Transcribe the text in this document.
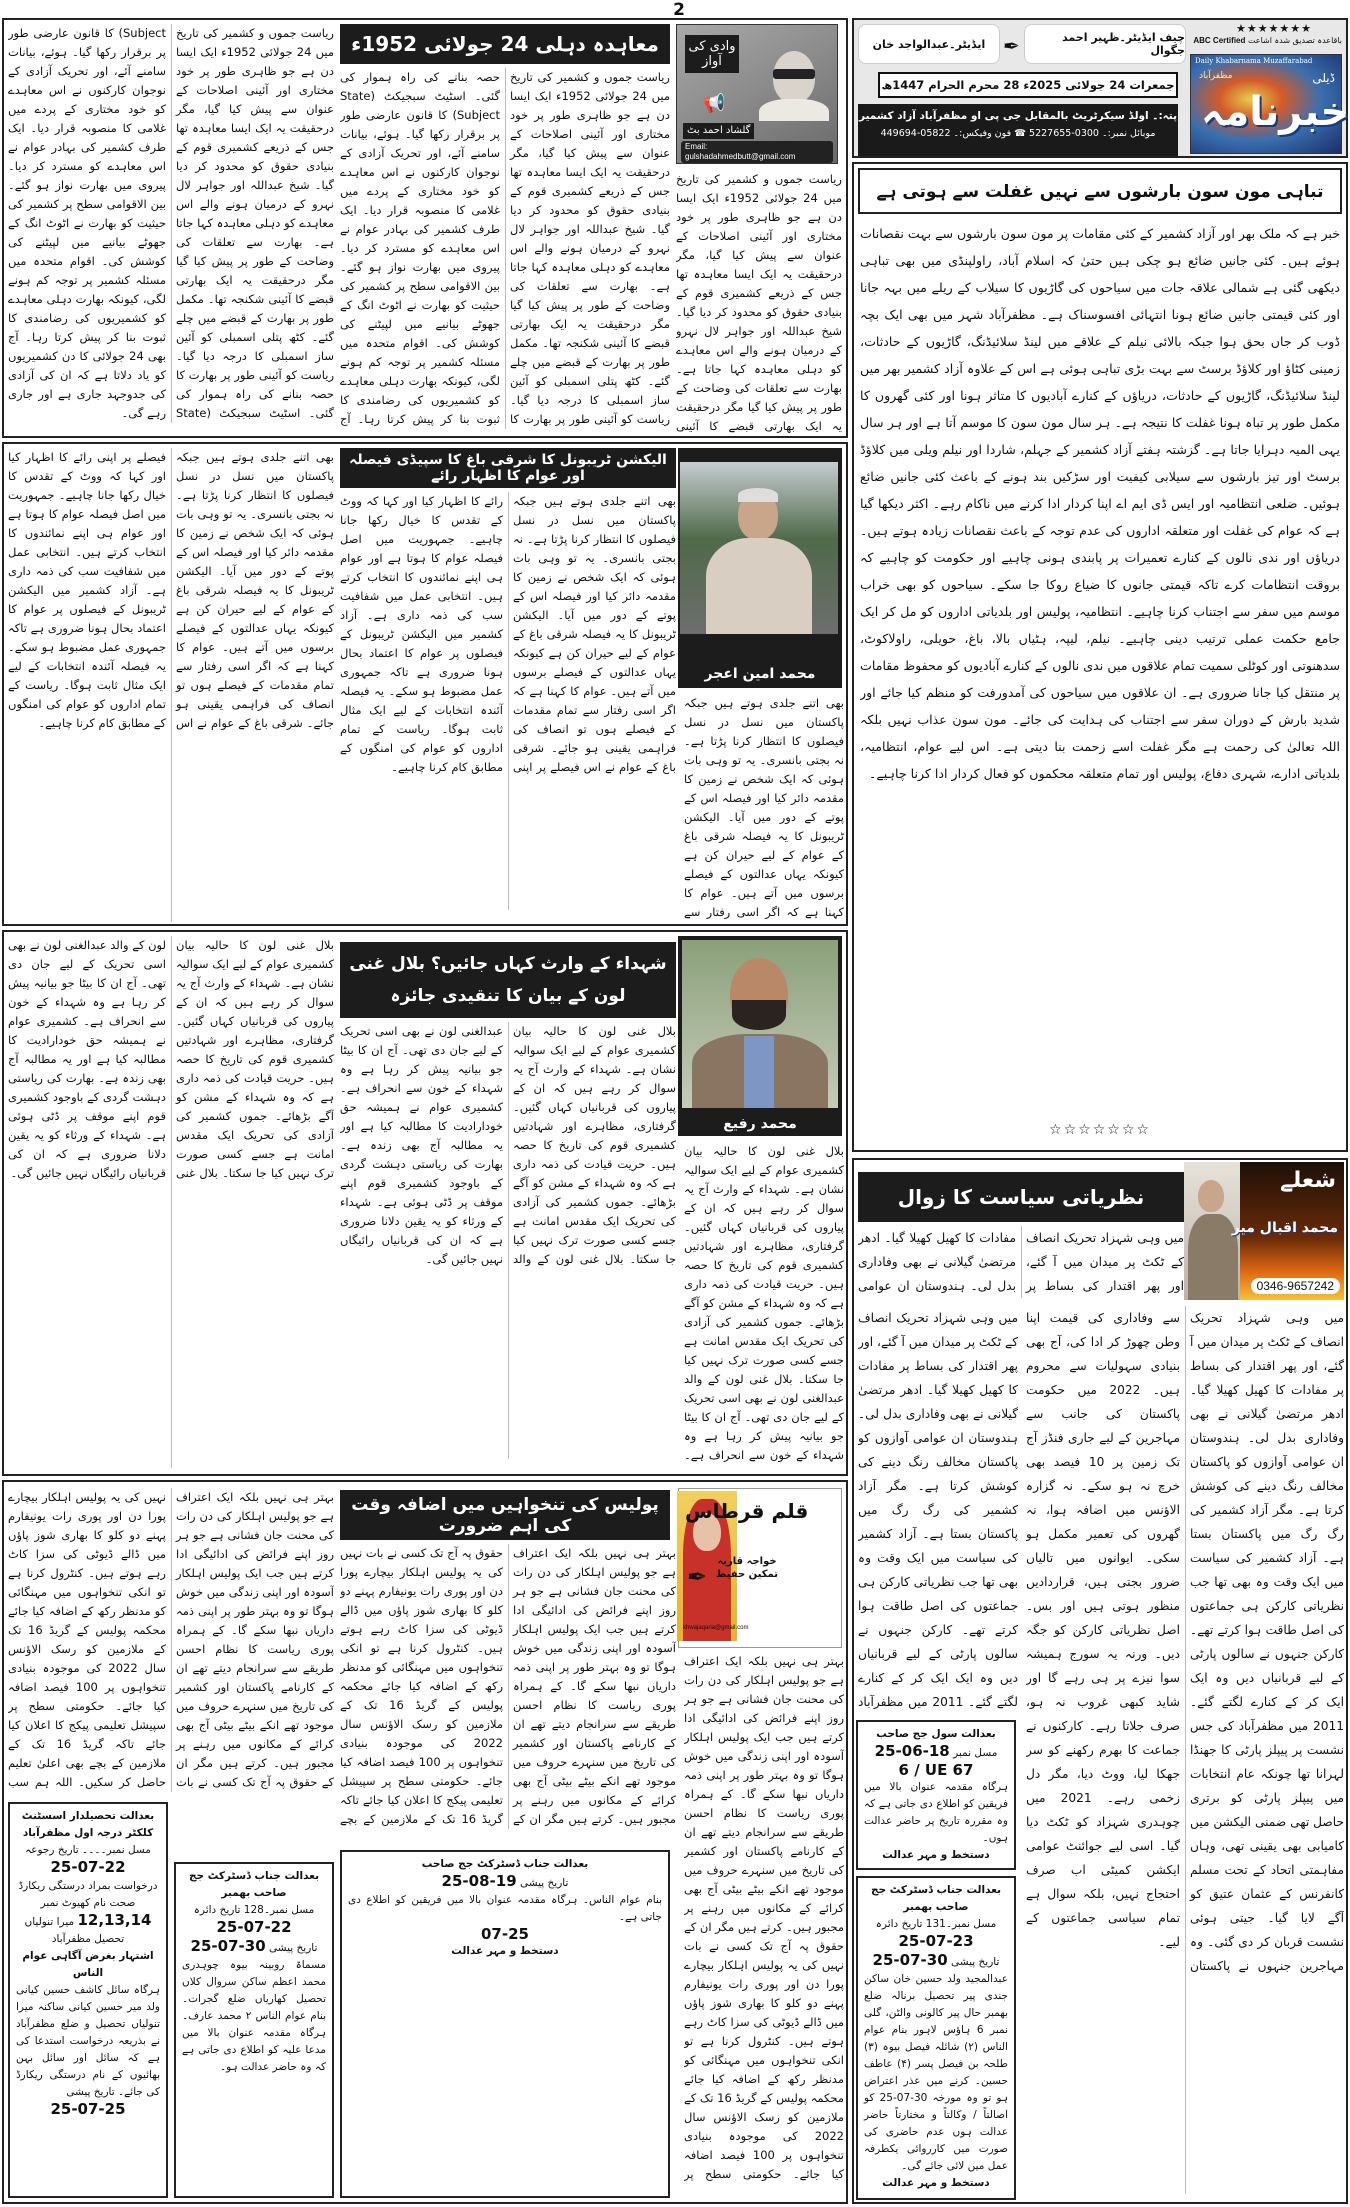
2
Daily Khabarnama Muzaffarabad
ڈیلی
مظفرآباد
خبرنامہ
★★★★★★★
باقاعدہ تصدیق شدہ اشاعت ABC Certified
چیف ایڈیٹر۔ظہیر احمد جگوال
✒
ایڈیٹر۔عبدالواجد خان
جمعرات 24 جولائی 2025ء 28 محرم الحرام 1447ھ
پتہ:۔ اولڈ سیکرٹریٹ بالمقابل جی پی او مظفرآباد آزاد کشمیر
موبائل نمبر:۔ 0300-5227655 ☎ فون وفیکس:۔ 05822-449694
تباہی مون سون بارشوں سے نہیں غفلت سے ہوتی ہے
خبر ہے کہ ملک بھر اور آزاد کشمیر کے کئی مقامات پر مون سون بارشوں سے بہت نقصانات ہوئے ہیں۔ کئی جانیں ضائع ہو چکی ہیں حتیٰ کہ اسلام آباد، راولپنڈی میں بھی تباہی دیکھی گئی ہے شمالی علاقہ جات میں سیاحوں کی گاڑیوں کا سیلاب کے ریلے میں بہہ جانا اور کئی قیمتی جانیں ضائع ہونا انتہائی افسوسناک ہے۔ مظفرآباد شہر میں بھی ایک بچہ ڈوب کر جاں بحق ہوا جبکہ بالائی نیلم کے علاقے میں لینڈ سلائیڈنگ، گاڑیوں کے حادثات، زمینی کٹاؤ اور کلاؤڈ برسٹ سے بہت بڑی تباہی ہوئی ہے اس کے علاوہ آزاد کشمیر بھر میں لینڈ سلائیڈنگ، گاڑیوں کے حادثات، دریاؤں کے کنارے آبادیوں کا متاثر ہونا اور کئی گھروں کا مکمل طور پر تباہ ہونا غفلت کا نتیجہ ہے۔ ہر سال مون سون کا موسم آتا ہے اور ہر سال یہی المیہ دہرایا جاتا ہے۔ گزشتہ ہفتے آزاد کشمیر کے جہلم، شاردا اور نیلم ویلی میں کلاؤڈ برسٹ اور تیز بارشوں سے سیلابی کیفیت اور سڑکیں بند ہونے کے باعث کئی جانیں ضائع ہوئیں۔ ضلعی انتظامیہ اور ایس ڈی ایم اے اپنا کردار ادا کرنے میں ناکام رہے۔ اکثر دیکھا گیا ہے کہ عوام کی غفلت اور متعلقہ اداروں کی عدم توجہ کے باعث نقصانات زیادہ ہوتے ہیں۔ دریاؤں اور ندی نالوں کے کنارے تعمیرات پر پابندی ہونی چاہیے اور حکومت کو چاہیے کہ بروقت انتظامات کرے تاکہ قیمتی جانوں کا ضیاع روکا جا سکے۔ سیاحوں کو بھی خراب موسم میں سفر سے اجتناب کرنا چاہیے۔ انتظامیہ، پولیس اور بلدیاتی اداروں کو مل کر ایک جامع حکمت عملی ترتیب دینی چاہیے۔ نیلم، لیپہ، ہٹیاں بالا، باغ، حویلی، راولاکوٹ، سدھنوتی اور کوٹلی سمیت تمام علاقوں میں ندی نالوں کے کنارے آبادیوں کو محفوظ مقامات پر منتقل کیا جانا ضروری ہے۔ ان علاقوں میں سیاحوں کی آمدورفت کو منظم کیا جائے اور شدید بارش کے دوران سفر سے اجتناب کی ہدایت کی جائے۔ مون سون عذاب نہیں بلکہ اللہ تعالیٰ کی رحمت ہے مگر غفلت اسے زحمت بنا دیتی ہے۔ اس لیے عوام، انتظامیہ، بلدیاتی ادارے، شہری دفاع، پولیس اور تمام متعلقہ محکموں کو فعال کردار ادا کرنا چاہیے۔
☆☆☆☆☆☆☆
شعلے
محمد اقبال میر
0346-9657242
نظریاتی سیاست کا زوال
میں وہی شہزاد تحریک انصاف کے ٹکٹ پر میدان میں آ گئے، اور پھر اقتدار کی بساط پر مفادات کا کھیل کھیلا گیا۔ ادھر مرتضیٰ گیلانی نے بھی وفاداری بدل لی۔ ہندوستان ان عوامی
میں وہی شہزاد تحریک انصاف کے ٹکٹ پر میدان میں آ گئے، اور پھر اقتدار کی بساط پر مفادات کا کھیل کھیلا گیا۔ ادھر مرتضیٰ گیلانی نے بھی وفاداری بدل لی۔ ہندوستان ان عوامی آوازوں کو پاکستان مخالف رنگ دینے کی کوشش کرتا ہے۔ مگر آزاد کشمیر کی رگ رگ میں پاکستان بستا ہے۔ آزاد کشمیر کی سیاست میں ایک وقت وہ بھی تھا جب نظریاتی کارکن ہی جماعتوں کی اصل طاقت ہوا کرتے تھے۔ کارکن جنہوں نے سالوں پارٹی کے لیے قربانیاں دیں وہ ایک ایک کر کے کنارے لگتے گئے۔ 2011 میں مظفرآباد کی جس نشست پر پیپلز پارٹی کا جھنڈا لہرانا تھا چونکہ عام انتخابات میں پیپلز پارٹی کو برتری حاصل تھی ضمنی الیکشن میں کامیابی بھی یقینی تھی، وہاں مفاہمتی اتحاد کے تحت مسلم کانفرنس کے عثمان عتیق کو آگے لایا گیا۔ جیتی ہوئی نشست قربان کر دی گئی۔ وہ مہاجرین جنہوں نے پاکستان سے وفاداری کی قیمت اپنا وطن چھوڑ کر ادا کی، آج بھی بنیادی سہولیات سے محروم ہیں۔ 2022 میں حکومت پاکستان کی جانب سے مہاجرین کے لیے جاری فنڈز آج تک زمین پر 10 فیصد بھی خرچ نہ ہو سکے۔ نہ گزارہ الاؤنس میں اضافہ ہوا، نہ گھروں کی تعمیر مکمل ہو سکی۔ ایوانوں میں تالیاں ضرور بجتی ہیں، قراردادیں منظور ہوتی ہیں اور بس۔ اصل نظریاتی کارکن کو جگہ دیں۔ ورنہ یہ سورج ہمیشہ سوا نیزے پر ہی رہے گا اور شاید کبھی غروب نہ ہو، صرف جلاتا رہے۔ کارکنوں نے جماعت کا بھرم رکھنے کو سر جھکا لیا، ووٹ دیا، مگر دل زخمی رہے۔ 2021 میں چوہدری شہزاد کو ٹکٹ دیا گیا۔ اسی لیے جوائنٹ عوامی ایکشن کمیٹی اب صرف احتجاج نہیں، بلکہ سوال ہے تمام سیاسی جماعتوں کے لیے۔
میں وہی شہزاد تحریک انصاف کے ٹکٹ پر میدان میں آ گئے، اور پھر اقتدار کی بساط پر مفادات کا کھیل کھیلا گیا۔ ادھر مرتضیٰ گیلانی نے بھی وفاداری بدل لی۔ ہندوستان ان عوامی آوازوں کو پاکستان مخالف رنگ دینے کی کوشش کرتا ہے۔ مگر آزاد کشمیر کی رگ رگ میں پاکستان بستا ہے۔ آزاد کشمیر کی سیاست میں ایک وقت وہ بھی تھا جب نظریاتی کارکن ہی جماعتوں کی اصل طاقت ہوا کرتے تھے۔ کارکن جنہوں نے سالوں پارٹی کے لیے قربانیاں دیں وہ ایک ایک کر کے کنارے لگتے گئے۔ 2011 میں مظفرآباد
وادی کی آواز
📢
گلشاد احمد بٹ
Email:
gulshadahmedbutt@gmail.com
معاہدہ دہلی 24 جولائی 1952ء
ریاست جموں و کشمیر کی تاریخ میں 24 جولائی 1952ء ایک ایسا دن ہے جو ظاہری طور پر خود مختاری اور آئینی اصلاحات کے عنوان سے پیش کیا گیا، مگر درحقیقت یہ ایک ایسا معاہدہ تھا جس کے ذریعے کشمیری قوم کے بنیادی حقوق کو محدود کر دیا گیا۔ شیخ عبداللہ اور جواہر لال نہرو کے درمیان ہونے والے اس معاہدے کو دہلی معاہدہ کہا جاتا ہے۔ بھارت سے تعلقات کی وضاحت کے طور پر پیش کیا گیا مگر درحقیقت یہ ایک بھارتی قبضے کا آئینی شکنجہ تھا۔ مکمل طور پر بھارت کے قبضے میں چلے گئے۔ کٹھ پتلی اسمبلی کو آئین ساز اسمبلی کا درجہ دیا گیا۔ ریاست کو آئینی طور پر بھارت کا حصہ بنانے کی راہ ہموار کی گئی۔ اسٹیٹ سبجیکٹ (State Subject) کا قانون عارضی طور پر برقرار رکھا گیا۔ ہوئے، بیانات سامنے آئے، اور تحریک آزادی کے نوجوان کارکنوں نے اس معاہدے کو خود مختاری کے پردے میں غلامی کا منصوبہ قرار دیا۔ ایک طرف کشمیر کی بہادر عوام نے اس معاہدے کو مسترد کر دیا۔ پیروی میں بھارت نواز ہو گئے۔ بین الاقوامی سطح پر کشمیر کی حیثیت کو بھارت نے اٹوٹ انگ کے جھوٹے بیانیے میں لپیٹنے کی کوشش کی۔ اقوام متحدہ میں مسئلہ کشمیر پر توجہ کم ہونے لگی، کیونکہ بھارت دہلی معاہدے کو کشمیریوں کی رضامندی کا ثبوت بنا کر پیش کرتا رہا۔ آج
ریاست جموں و کشمیر کی تاریخ میں 24 جولائی 1952ء ایک ایسا دن ہے جو ظاہری طور پر خود مختاری اور آئینی اصلاحات کے عنوان سے پیش کیا گیا، مگر درحقیقت یہ ایک ایسا معاہدہ تھا جس کے ذریعے کشمیری قوم کے بنیادی حقوق کو محدود کر دیا گیا۔ شیخ عبداللہ اور جواہر لال نہرو کے درمیان ہونے والے اس معاہدے کو دہلی معاہدہ کہا جاتا ہے۔ بھارت سے تعلقات کی وضاحت کے طور پر پیش کیا گیا مگر درحقیقت یہ ایک بھارتی قبضے کا آئینی
ریاست جموں و کشمیر کی تاریخ میں 24 جولائی 1952ء ایک ایسا دن ہے جو ظاہری طور پر خود مختاری اور آئینی اصلاحات کے عنوان سے پیش کیا گیا، مگر درحقیقت یہ ایک ایسا معاہدہ تھا جس کے ذریعے کشمیری قوم کے بنیادی حقوق کو محدود کر دیا گیا۔ شیخ عبداللہ اور جواہر لال نہرو کے درمیان ہونے والے اس معاہدے کو دہلی معاہدہ کہا جاتا ہے۔ بھارت سے تعلقات کی وضاحت کے طور پر پیش کیا گیا مگر درحقیقت یہ ایک بھارتی قبضے کا آئینی شکنجہ تھا۔ مکمل طور پر بھارت کے قبضے میں چلے گئے۔ کٹھ پتلی اسمبلی کو آئین ساز اسمبلی کا درجہ دیا گیا۔ ریاست کو آئینی طور پر بھارت کا حصہ بنانے کی راہ ہموار کی گئی۔ اسٹیٹ سبجیکٹ (State Subject) کا قانون عارضی طور پر برقرار رکھا گیا۔ ہوئے، بیانات سامنے آئے، اور تحریک آزادی کے نوجوان کارکنوں نے اس معاہدے کو خود مختاری کے پردے میں غلامی کا منصوبہ قرار دیا۔ ایک طرف کشمیر کی بہادر عوام نے اس معاہدے کو مسترد کر دیا۔ پیروی میں بھارت نواز ہو گئے۔ بین الاقوامی سطح پر کشمیر کی حیثیت کو بھارت نے اٹوٹ انگ کے جھوٹے بیانیے میں لپیٹنے کی کوشش کی۔ اقوام متحدہ میں مسئلہ کشمیر پر توجہ کم ہونے لگی، کیونکہ بھارت دہلی معاہدے کو کشمیریوں کی رضامندی کا ثبوت بنا کر پیش کرتا رہا۔ آج بھی 24 جولائی کا دن کشمیریوں کو یاد دلاتا ہے کہ ان کی آزادی کی جدوجہد جاری ہے اور جاری رہے گی۔
محمد امین اعجر
الیکشن ٹریبونل کا شرقی باغ کا سپیڈی فیصلہ اور عوام کا اظہار رائے
بھی اتنے جلدی ہوتے ہیں جبکہ پاکستان میں نسل در نسل فیصلوں کا انتظار کرنا پڑتا ہے۔ نہ بجتی بانسری۔ یہ تو وہی بات ہوئی کہ ایک شخص نے زمین کا مقدمہ دائر کیا اور فیصلہ اس کے پوتے کے دور میں آیا۔ الیکشن ٹریبونل کا یہ فیصلہ شرقی باغ کے عوام کے لیے حیران کن ہے کیونکہ یہاں عدالتوں کے فیصلے برسوں میں آتے ہیں۔ عوام کا کہنا ہے کہ اگر اسی رفتار سے تمام مقدمات کے فیصلے ہوں تو انصاف کی فراہمی یقینی ہو جائے۔ شرقی باغ کے عوام نے اس فیصلے پر اپنی رائے کا اظہار کیا اور کہا کہ ووٹ کے تقدس کا خیال رکھا جانا چاہیے۔ جمہوریت میں اصل فیصلہ عوام کا ہوتا ہے اور عوام ہی اپنے نمائندوں کا انتخاب کرتے ہیں۔ انتخابی عمل میں شفافیت سب کی ذمہ داری ہے۔ آزاد کشمیر میں الیکشن ٹریبونل کے فیصلوں پر عوام کا اعتماد بحال ہونا ضروری ہے تاکہ جمہوری عمل مضبوط ہو سکے۔ یہ فیصلہ آئندہ انتخابات کے لیے ایک مثال ثابت ہوگا۔ ریاست کے تمام اداروں کو عوام کی امنگوں کے مطابق کام کرنا چاہیے۔
بھی اتنے جلدی ہوتے ہیں جبکہ پاکستان میں نسل در نسل فیصلوں کا انتظار کرنا پڑتا ہے۔ نہ بجتی بانسری۔ یہ تو وہی بات ہوئی کہ ایک شخص نے زمین کا مقدمہ دائر کیا اور فیصلہ اس کے پوتے کے دور میں آیا۔ الیکشن ٹریبونل کا یہ فیصلہ شرقی باغ کے عوام کے لیے حیران کن ہے کیونکہ یہاں عدالتوں کے فیصلے برسوں میں آتے ہیں۔ عوام کا کہنا ہے کہ اگر اسی رفتار سے
بھی اتنے جلدی ہوتے ہیں جبکہ پاکستان میں نسل در نسل فیصلوں کا انتظار کرنا پڑتا ہے۔ نہ بجتی بانسری۔ یہ تو وہی بات ہوئی کہ ایک شخص نے زمین کا مقدمہ دائر کیا اور فیصلہ اس کے پوتے کے دور میں آیا۔ الیکشن ٹریبونل کا یہ فیصلہ شرقی باغ کے عوام کے لیے حیران کن ہے کیونکہ یہاں عدالتوں کے فیصلے برسوں میں آتے ہیں۔ عوام کا کہنا ہے کہ اگر اسی رفتار سے تمام مقدمات کے فیصلے ہوں تو انصاف کی فراہمی یقینی ہو جائے۔ شرقی باغ کے عوام نے اس فیصلے پر اپنی رائے کا اظہار کیا اور کہا کہ ووٹ کے تقدس کا خیال رکھا جانا چاہیے۔ جمہوریت میں اصل فیصلہ عوام کا ہوتا ہے اور عوام ہی اپنے نمائندوں کا انتخاب کرتے ہیں۔ انتخابی عمل میں شفافیت سب کی ذمہ داری ہے۔ آزاد کشمیر میں الیکشن ٹریبونل کے فیصلوں پر عوام کا اعتماد بحال ہونا ضروری ہے تاکہ جمہوری عمل مضبوط ہو سکے۔ یہ فیصلہ آئندہ انتخابات کے لیے ایک مثال ثابت ہوگا۔ ریاست کے تمام اداروں کو عوام کی امنگوں کے مطابق کام کرنا چاہیے۔
محمد رفیع
شہداء کے وارث کہاں جائیں؟ بلال غنی لون کے بیان کا تنقیدی جائزہ
بلال غنی لون کا حالیہ بیان کشمیری عوام کے لیے ایک سوالیہ نشان ہے۔ شہداء کے وارث آج یہ سوال کر رہے ہیں کہ ان کے پیاروں کی قربانیاں کہاں گئیں۔ گرفتاری، مظاہرے اور شہادتیں کشمیری قوم کی تاریخ کا حصہ ہیں۔ حریت قیادت کی ذمہ داری ہے کہ وہ شہداء کے مشن کو آگے بڑھائے۔ جموں کشمیر کی آزادی کی تحریک ایک مقدس امانت ہے جسے کسی صورت ترک نہیں کیا جا سکتا۔ بلال غنی لون کے والد عبدالغنی لون نے بھی اسی تحریک کے لیے جان دی تھی۔ آج ان کا بیٹا جو بیانیہ پیش کر رہا ہے وہ شہداء کے خون سے انحراف ہے۔ کشمیری عوام نے ہمیشہ حق خودارادیت کا مطالبہ کیا ہے اور یہ مطالبہ آج بھی زندہ ہے۔ بھارت کی ریاستی دہشت گردی کے باوجود کشمیری قوم اپنے موقف پر ڈٹی ہوئی ہے۔ شہداء کے ورثاء کو یہ یقین دلانا ضروری ہے کہ ان کی قربانیاں رائیگاں نہیں جائیں گی۔
بلال غنی لون کا حالیہ بیان کشمیری عوام کے لیے ایک سوالیہ نشان ہے۔ شہداء کے وارث آج یہ سوال کر رہے ہیں کہ ان کے پیاروں کی قربانیاں کہاں گئیں۔ گرفتاری، مظاہرے اور شہادتیں کشمیری قوم کی تاریخ کا حصہ ہیں۔ حریت قیادت کی ذمہ داری ہے کہ وہ شہداء کے مشن کو آگے بڑھائے۔ جموں کشمیر کی آزادی کی تحریک ایک مقدس امانت ہے جسے کسی صورت ترک نہیں کیا جا سکتا۔ بلال غنی لون کے والد عبدالغنی لون نے بھی اسی تحریک کے لیے جان دی تھی۔ آج ان کا بیٹا جو بیانیہ پیش کر رہا ہے وہ شہداء کے خون سے انحراف ہے۔
بلال غنی لون کا حالیہ بیان کشمیری عوام کے لیے ایک سوالیہ نشان ہے۔ شہداء کے وارث آج یہ سوال کر رہے ہیں کہ ان کے پیاروں کی قربانیاں کہاں گئیں۔ گرفتاری، مظاہرے اور شہادتیں کشمیری قوم کی تاریخ کا حصہ ہیں۔ حریت قیادت کی ذمہ داری ہے کہ وہ شہداء کے مشن کو آگے بڑھائے۔ جموں کشمیر کی آزادی کی تحریک ایک مقدس امانت ہے جسے کسی صورت ترک نہیں کیا جا سکتا۔ بلال غنی لون کے والد عبدالغنی لون نے بھی اسی تحریک کے لیے جان دی تھی۔ آج ان کا بیٹا جو بیانیہ پیش کر رہا ہے وہ شہداء کے خون سے انحراف ہے۔ کشمیری عوام نے ہمیشہ حق خودارادیت کا مطالبہ کیا ہے اور یہ مطالبہ آج بھی زندہ ہے۔ بھارت کی ریاستی دہشت گردی کے باوجود کشمیری قوم اپنے موقف پر ڈٹی ہوئی ہے۔ شہداء کے ورثاء کو یہ یقین دلانا ضروری ہے کہ ان کی قربانیاں رائیگاں نہیں جائیں گی۔
قلم قرطاس
✒
خواجہ قاریہ تمکین حفیظ
khwajaqaria@gmail.com
پولیس کی تنخواہیں میں اضافہ وقت کی اہم ضرورت
بہتر ہی نہیں بلکہ ایک اعتراف ہے جو پولیس اہلکار کی دن رات کی محنت جان فشانی ہے جو ہر روز اپنے فرائض کی ادائیگی ادا کرتے ہیں جب ایک پولیس اہلکار آسودہ اور اپنی زندگی میں خوش ہوگا تو وہ بہتر طور پر اپنی ذمہ داریاں نبھا سکے گا۔ کے ہمراہ پوری ریاست کا نظام احسن طریقے سے سرانجام دیتے تھے ان کے کارنامے پاکستان اور کشمیر کی تاریخ میں سنہرے حروف میں موجود تھے انکے بیٹے بیٹی آج بھی کرائے کے مکانوں میں رہنے پر مجبور ہیں۔ کرتے ہیں مگر ان کے حقوق پہ آج تک کسی نے بات نہیں کی یہ پولیس اہلکار بیچارے پورا دن اور پوری رات یونیفارم پہنے دو کلو کا بھاری شوز پاؤں میں ڈالے ڈیوٹی کی سزا کاٹ رہے ہوتے ہیں۔ کنٹرول کرنا ہے تو انکی تنخواہوں میں مہنگائی کو مدنظر رکھ کے اضافہ کیا جائے محکمہ پولیس کے گریڈ 16 تک کے ملازمین کو رسک الاؤنس سال 2022 کی موجودہ بنیادی تنخواہوں پر 100 فیصد اضافہ کیا جائے۔ حکومتی سطح پر سپیشل تعلیمی پیکج کا اعلان کیا جائے تاکہ گریڈ 16 تک کے ملازمین کے بچے
بہتر ہی نہیں بلکہ ایک اعتراف ہے جو پولیس اہلکار کی دن رات کی محنت جان فشانی ہے جو ہر روز اپنے فرائض کی ادائیگی ادا کرتے ہیں جب ایک پولیس اہلکار آسودہ اور اپنی زندگی میں خوش ہوگا تو وہ بہتر طور پر اپنی ذمہ داریاں نبھا سکے گا۔ کے ہمراہ پوری ریاست کا نظام احسن طریقے سے سرانجام دیتے تھے ان کے کارنامے پاکستان اور کشمیر کی تاریخ میں سنہرے حروف میں موجود تھے انکے بیٹے بیٹی آج بھی کرائے کے مکانوں میں رہنے پر مجبور ہیں۔ کرتے ہیں مگر ان کے حقوق پہ آج تک کسی نے بات نہیں کی یہ پولیس اہلکار بیچارے پورا دن اور پوری رات یونیفارم پہنے دو کلو کا بھاری شوز پاؤں میں ڈالے ڈیوٹی کی سزا کاٹ رہے ہوتے ہیں۔ کنٹرول کرنا ہے تو انکی تنخواہوں میں مہنگائی کو مدنظر رکھ کے اضافہ کیا جائے محکمہ پولیس کے گریڈ 16 تک کے ملازمین کو رسک الاؤنس سال 2022 کی موجودہ بنیادی تنخواہوں پر 100 فیصد اضافہ کیا جائے۔ حکومتی سطح پر
بہتر ہی نہیں بلکہ ایک اعتراف ہے جو پولیس اہلکار کی دن رات کی محنت جان فشانی ہے جو ہر روز اپنے فرائض کی ادائیگی ادا کرتے ہیں جب ایک پولیس اہلکار آسودہ اور اپنی زندگی میں خوش ہوگا تو وہ بہتر طور پر اپنی ذمہ داریاں نبھا سکے گا۔ کے ہمراہ پوری ریاست کا نظام احسن طریقے سے سرانجام دیتے تھے ان کے کارنامے پاکستان اور کشمیر کی تاریخ میں سنہرے حروف میں موجود تھے انکے بیٹے بیٹی آج بھی کرائے کے مکانوں میں رہنے پر مجبور ہیں۔ کرتے ہیں مگر ان کے حقوق پہ آج تک کسی نے بات نہیں کی یہ پولیس اہلکار بیچارے پورا دن اور پوری رات یونیفارم پہنے دو کلو کا بھاری شوز پاؤں میں ڈالے ڈیوٹی کی سزا کاٹ رہے ہوتے ہیں۔ کنٹرول کرنا ہے تو انکی تنخواہوں میں مہنگائی کو مدنظر رکھ کے اضافہ کیا جائے محکمہ پولیس کے گریڈ 16 تک کے ملازمین کو رسک الاؤنس سال 2022 کی موجودہ بنیادی تنخواہوں پر 100 فیصد اضافہ کیا جائے۔ حکومتی سطح پر سپیشل تعلیمی پیکج کا اعلان کیا جائے تاکہ گریڈ 16 تک کے ملازمین کے بچے بھی اعلیٰ تعلیم حاصل کر سکیں۔ اللہ ہم سب
بعدالت تحصیلدار اسسٹنٹ کلکٹر درجہ اول مظفرآباد
مسل نمبر۔۔۔۔ تاریخ رجوعہ 22-07-25
درخواست بمراد درستگی ریکارڈ صحت نام کھیوٹ نمبر
12,13,14 میرا تنولیاں تحصیل مظفرآباد
اشتہار بغرض آگاہی عوام الناس
ہرگاہ سائل کاشف حسین کیانی ولد میر حسین کیانی ساکنہ میرا تنولیاں تحصیل و ضلع مظفرآباد نے بذریعہ درخواست استدعا کی ہے کہ سائل اور سائل بہن بھائیوں کے نام درستگی ریکارڈ کی جائے۔ تاریخ پیشی
25-07-25
بعدالت جناب ڈسٹرکٹ جج صاحب بھمبر
مسل نمبر۔128 تاریخ دائرہ 22-07-25
تاریخ پیشی 30-07-25
مسماۃ روبینہ بیوہ چوہدری محمد اعظم ساکن سروال کلاں تحصیل کھاریاں ضلع گجرات۔ بنام عوام الناس ۲ محمد عارف۔ ہرگاہ مقدمہ عنوان بالا میں مدعا علیہ کو اطلاع دی جاتی ہے کہ وہ حاضر عدالت ہو۔
بعدالت جناب ڈسٹرکٹ جج صاحب
تاریخ پیشی 19-08-25
بنام عوام الناس۔ ہرگاہ مقدمہ عنوان بالا میں فریقین کو اطلاع دی جاتی ہے۔
07-25
دستخط و مہر عدالت
بعدالت سول جج صاحب
مسل نمبر 18-06-25
6 / UE 67
ہرگاہ مقدمہ عنوان بالا میں فریقین کو اطلاع دی جاتی ہے کہ وہ مقررہ تاریخ پر حاضر عدالت ہوں۔
دستخط و مہر عدالت
بعدالت جناب ڈسٹرکٹ جج صاحب بھمبر
مسل نمبر۔131 تاریخ دائرہ 23-07-25
تاریخ پیشی 30-07-25
عبدالمجید ولد حسین خان ساکن جندی پیر تحصیل برنالہ ضلع بھمبر حال پیر کالونی والٹن، گلی نمبر 6 ہاؤس لاہور بنام عوام الناس (۲) شائلہ فیصل بیوہ (۳) طلحہ بن فیصل پسر (۴) عاطف حسین۔ کرنے میں عذر اعتراض ہو تو وہ مورخہ 30-07-25 کو اصالتاً / وکالتاً و مختارتاً حاضر عدالت ہوں عدم حاضری کی صورت میں کارروائی یکطرفہ عمل میں لائی جائے گی۔
دستخط و مہر عدالت
